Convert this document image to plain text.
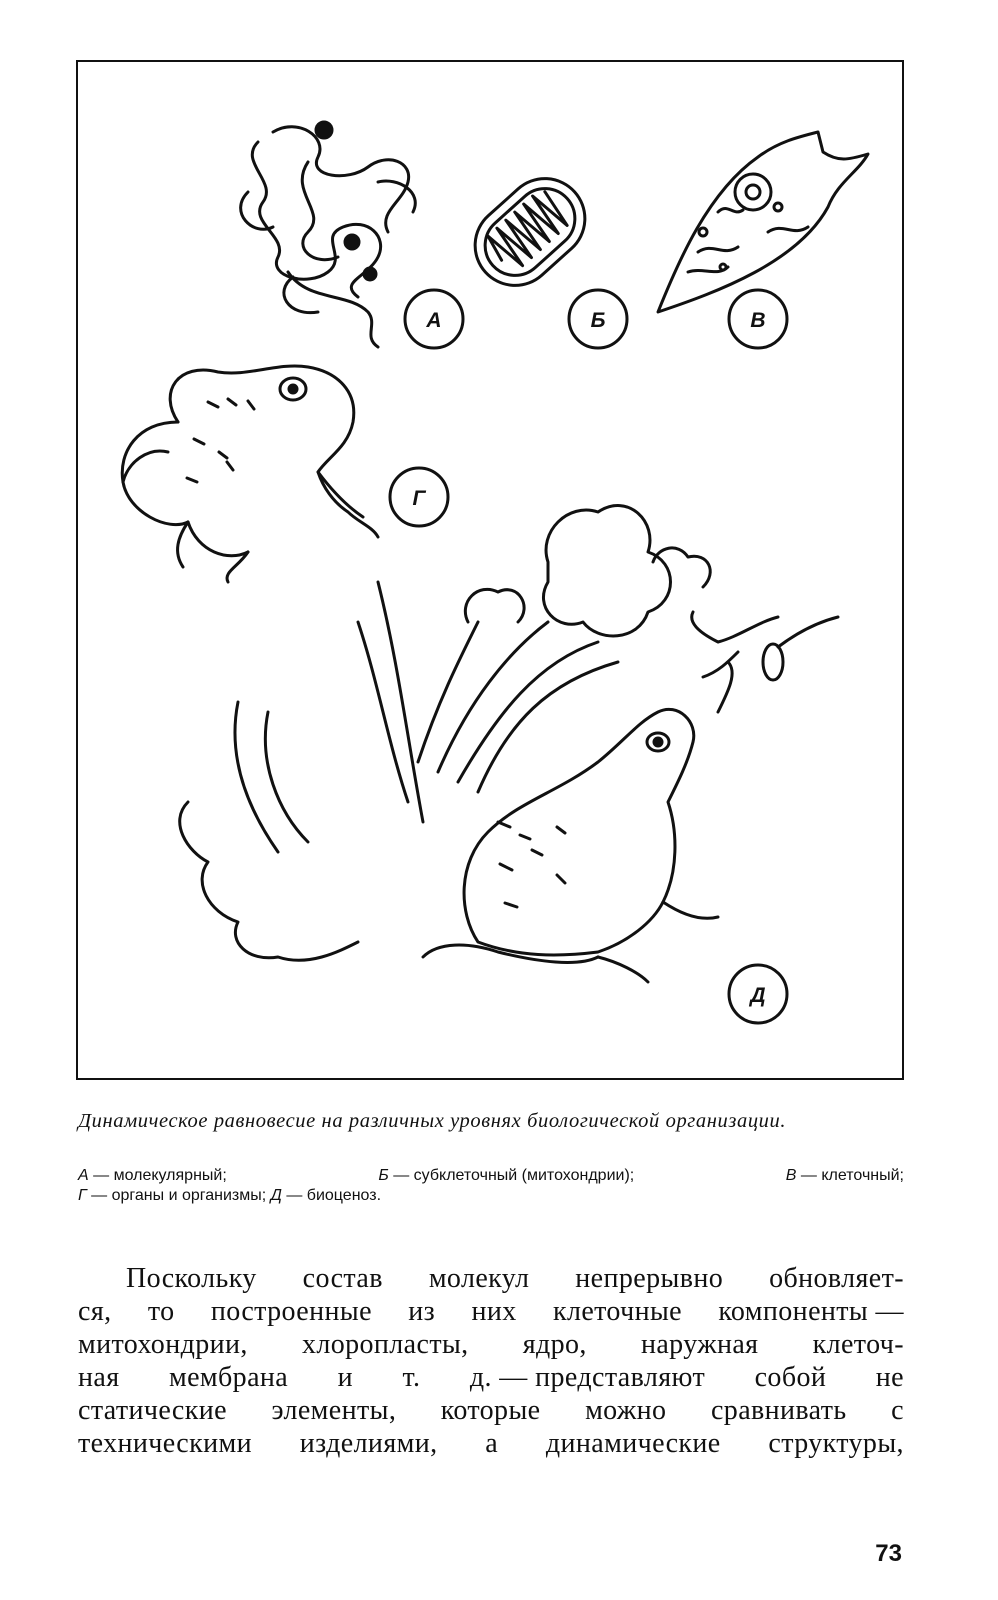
А	Б	В
Г
Д
Динамическое равновесие на различных уровнях биологической организации.
А — молекулярный;	Б — субклеточный (митохондрии);	В — клеточный;
Г — органы и организмы; Д — биоценоз.
Поскольку состав молекул непрерывно обновляет-
ся, то построенные из них клеточные компоненты —
митохондрии, хлоропласты, ядро, наружная клеточ-
ная мембрана и т. д. — представляют собой не
статические элементы, которые можно сравнивать с
техническими изделиями, а динамические структуры,
73
